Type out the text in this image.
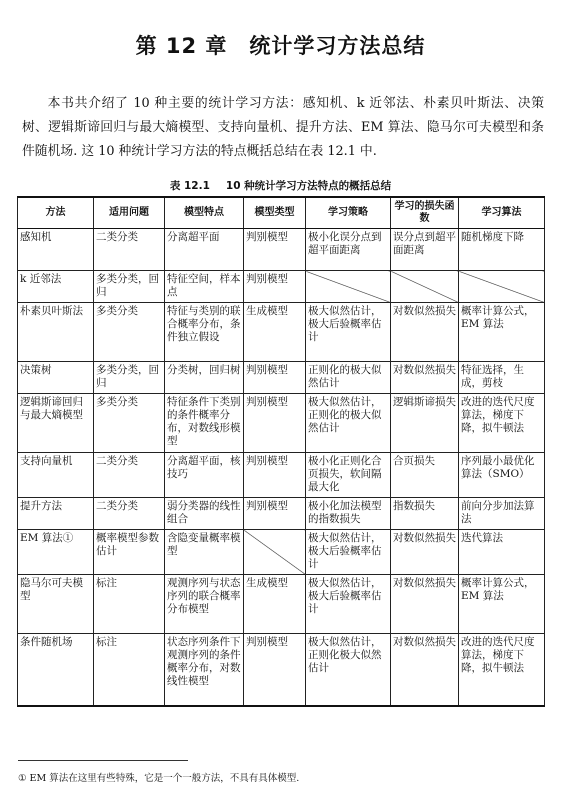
第 12 章　统计学习方法总结
本书共介绍了 10 种主要的统计学习方法：感知机、k 近邻法、朴素贝叶斯法、决策树、逻辑斯谛回归与最大熵模型、支持向量机、提升方法、EM 算法、隐马尔可夫模型和条件随机场. 这 10 种统计学习方法的特点概括总结在表 12.1 中.
表 12.1 10 种统计学习方法特点的概括总结
方法	适用问题	模型特点	模型类型	学习策略	学习的损失函数	学习算法
感知机	二类分类	分离超平面	判别模型	极小化误分点到超平面距离	误分点到超平面距离	随机梯度下降
k 近邻法	多类分类，回归	特征空间，样本点	判别模型			
朴素贝叶斯法	多类分类	特征与类别的联合概率分布，条件独立假设	生成模型	极大似然估计，极大后验概率估计	对数似然损失	概率计算公式，EM 算法
决策树	多类分类，回归	分类树，回归树	判别模型	正则化的极大似然估计	对数似然损失	特征选择，生成，剪枝
逻辑斯谛回归与最大熵模型	多类分类	特征条件下类别的条件概率分布，对数线形模型	判别模型	极大似然估计，正则化的极大似然估计	逻辑斯谛损失	改进的迭代尺度算法，梯度下降，拟牛顿法
支持向量机	二类分类	分离超平面，核技巧	判别模型	极小化正则化合页损失，软间隔最大化	合页损失	序列最小最优化算法（SMO）
提升方法	二类分类	弱分类器的线性组合	判别模型	极小化加法模型的指数损失	指数损失	前向分步加法算法
EM 算法①	概率模型参数估计	含隐变量概率模型		极大似然估计，极大后验概率估计	对数似然损失	迭代算法
隐马尔可夫模型	标注	观测序列与状态序列的联合概率分布模型	生成模型	极大似然估计，极大后验概率估计	对数似然损失	概率计算公式，EM 算法
条件随机场	标注	状态序列条件下观测序列的条件概率分布，对数线性模型	判别模型	极大似然估计，正则化极大似然估计	对数似然损失	改进的迭代尺度算法，梯度下降，拟牛顿法
① EM 算法在这里有些特殊，它是一个一般方法，不具有具体模型.
